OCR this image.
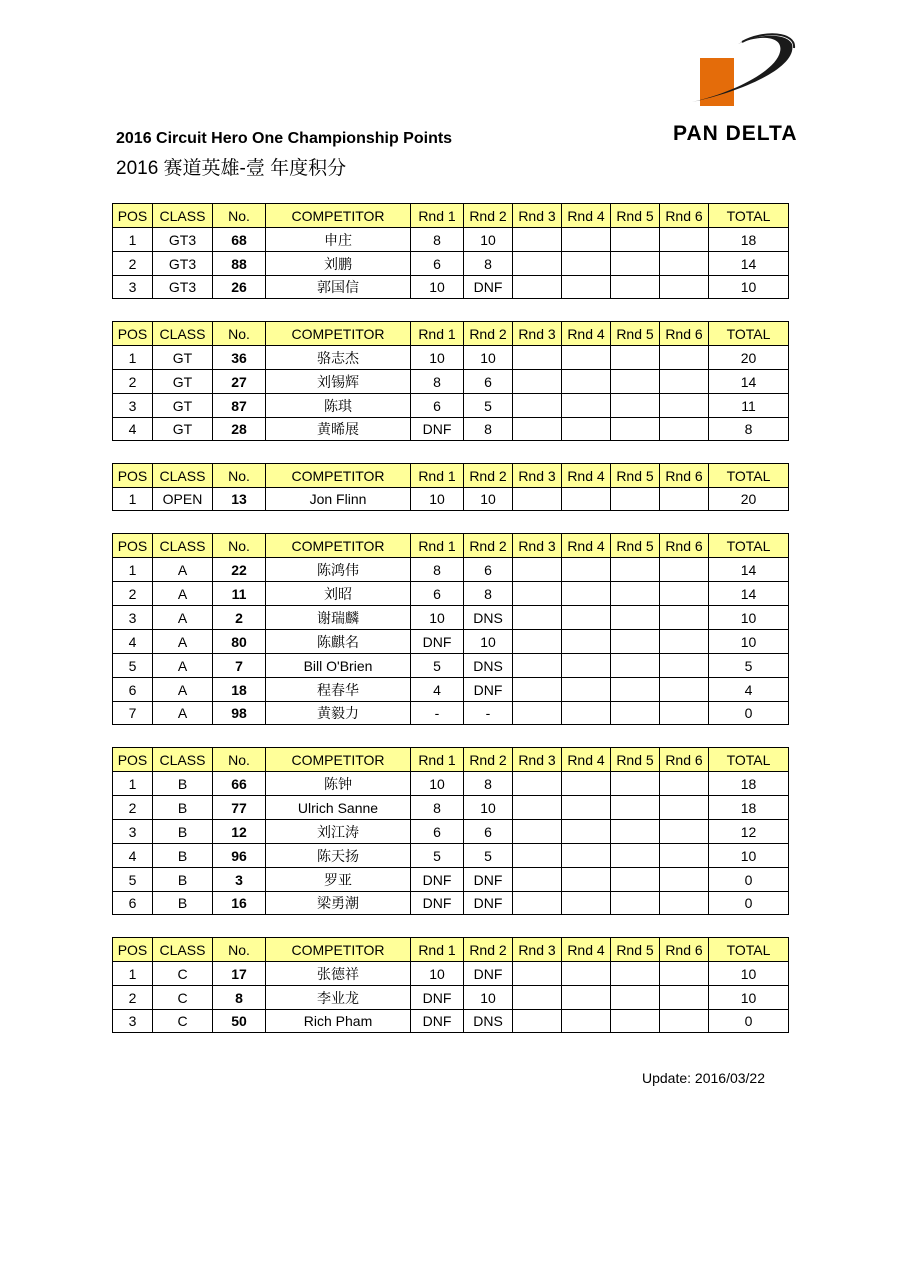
PAN DELTA
2016 Circuit Hero One Championship Points
2016 赛道英雄-壹 年度积分
POS	CLASS	No.	COMPETITOR	Rnd 1	Rnd 2	Rnd 3	Rnd 4	Rnd 5	Rnd 6	TOTAL
1	GT3	68	申庄	8	10					18
2	GT3	88	刘鹏	6	8					14
3	GT3	26	郭国信	10	DNF					10
POS	CLASS	No.	COMPETITOR	Rnd 1	Rnd 2	Rnd 3	Rnd 4	Rnd 5	Rnd 6	TOTAL
1	GT	36	骆志杰	10	10					20
2	GT	27	刘锡辉	8	6					14
3	GT	87	陈琪	6	5					11
4	GT	28	黄晞展	DNF	8					8
POS	CLASS	No.	COMPETITOR	Rnd 1	Rnd 2	Rnd 3	Rnd 4	Rnd 5	Rnd 6	TOTAL
1	OPEN	13	Jon Flinn	10	10					20
POS	CLASS	No.	COMPETITOR	Rnd 1	Rnd 2	Rnd 3	Rnd 4	Rnd 5	Rnd 6	TOTAL
1	A	22	陈鸿伟	8	6					14
2	A	11	刘昭	6	8					14
3	A	2	谢瑞麟	10	DNS					10
4	A	80	陈麒名	DNF	10					10
5	A	7	Bill O'Brien	5	DNS					5
6	A	18	程春华	4	DNF					4
7	A	98	黄毅力	-	-					0
POS	CLASS	No.	COMPETITOR	Rnd 1	Rnd 2	Rnd 3	Rnd 4	Rnd 5	Rnd 6	TOTAL
1	B	66	陈钟	10	8					18
2	B	77	Ulrich Sanne	8	10					18
3	B	12	刘江涛	6	6					12
4	B	96	陈天扬	5	5					10
5	B	3	罗亚	DNF	DNF					0
6	B	16	梁勇潮	DNF	DNF					0
POS	CLASS	No.	COMPETITOR	Rnd 1	Rnd 2	Rnd 3	Rnd 4	Rnd 5	Rnd 6	TOTAL
1	C	17	张德祥	10	DNF					10
2	C	8	李业龙	DNF	10					10
3	C	50	Rich Pham	DNF	DNS					0
Update: 2016/03/22
